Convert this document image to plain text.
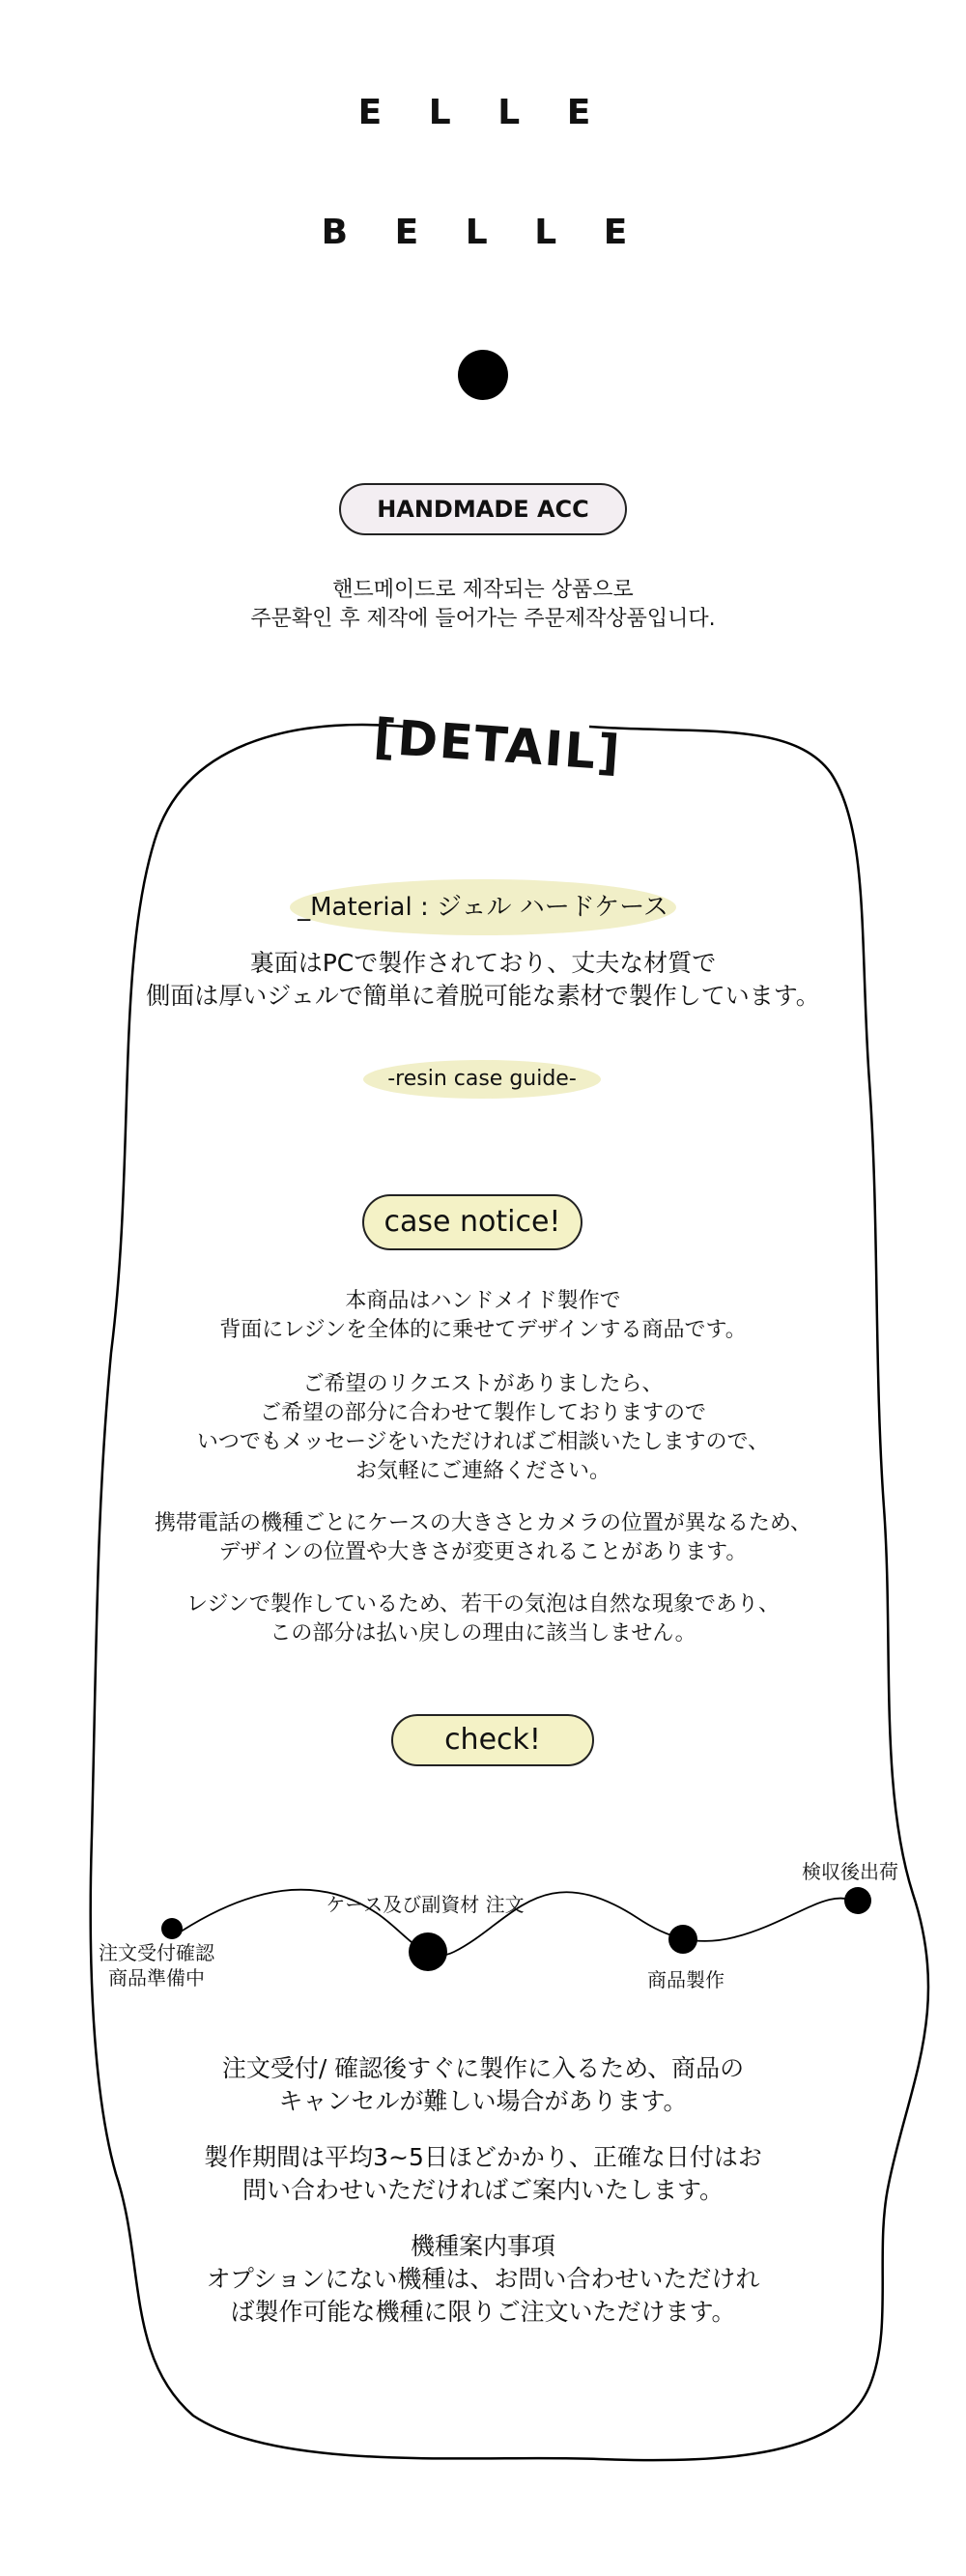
E L L E
B E L L E
HANDMADE ACC
핸드메이드로 제작되는 상품으로
주문확인 후 제작에 들어가는 주문제작상품입니다.
[DETAIL]
_Material : ジェル ハードケース
裏面はPCで製作されており、丈夫な材質で
側面は厚いジェルで簡単に着脱可能な素材で製作しています。
-resin case guide-
case notice!
本商品はハンドメイド製作で
背面にレジンを全体的に乗せてデザインする商品です。
ご希望のリクエストがありましたら、
ご希望の部分に合わせて製作しておりますので
いつでもメッセージをいただければご相談いたしますので、
お気軽にご連絡ください。
携帯電話の機種ごとにケースの大きさとカメラの位置が異なるため、
デザインの位置や大きさが変更されることがあります。
レジンで製作しているため、若干の気泡は自然な現象であり、
この部分は払い戻しの理由に該当しません。
check!
注文受付確認
商品準備中
ケース及び副資材 注文
商品製作
検収後出荷
注文受付/ 確認後すぐに製作に入るため、商品の
キャンセルが難しい場合があります。
製作期間は平均3~5日ほどかかり、正確な日付はお
問い合わせいただければご案内いたします。
機種案内事項
オプションにない機種は、お問い合わせいただけれ
ば製作可能な機種に限りご注文いただけます。
